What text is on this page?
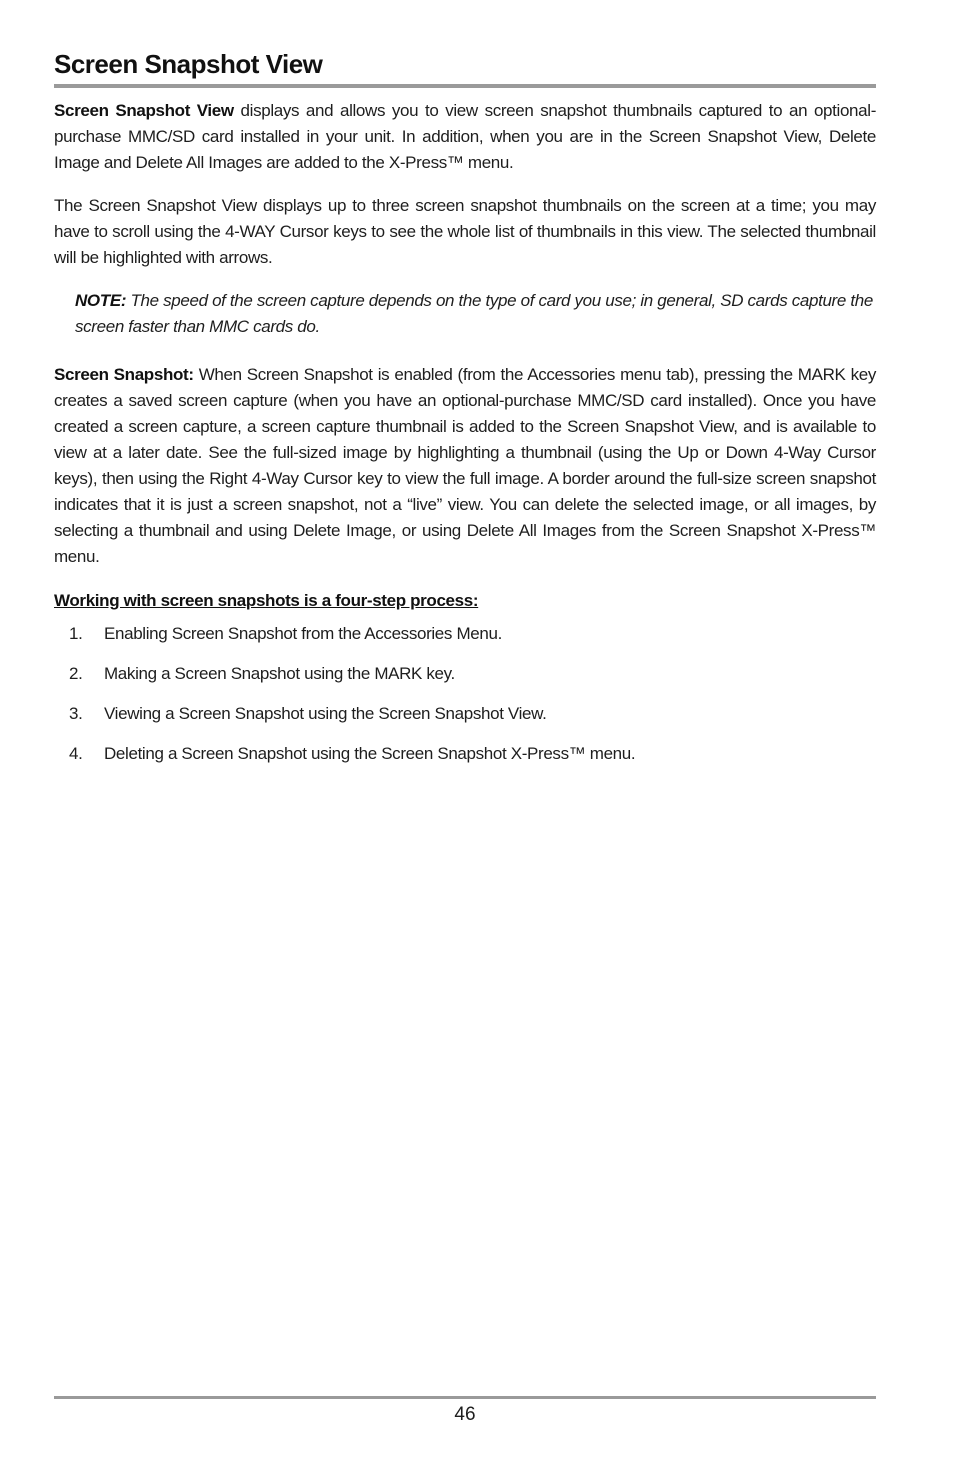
Screen Snapshot View

Screen Snapshot View displays and allows you to view screen snapshot thumbnails captured to an optional-purchase MMC/SD card installed in your unit. In addition, when you are in the Screen Snapshot View, Delete Image and Delete All Images are added to the X-Press™ menu.

The Screen Snapshot View displays up to three screen snapshot thumbnails on the screen at a time; you may have to scroll using the 4-WAY Cursor keys to see the whole list of thumbnails in this view. The selected thumbnail will be highlighted with arrows.

NOTE: The speed of the screen capture depends on the type of card you use; in general, SD cards capture the screen faster than MMC cards do.

Screen Snapshot: When Screen Snapshot is enabled (from the Accessories menu tab), pressing the MARK key creates a saved screen capture (when you have an optional-purchase MMC/SD card installed). Once you have created a screen capture, a screen capture thumbnail is added to the Screen Snapshot View, and is available to view at a later date. See the full-sized image by highlighting a thumbnail (using the Up or Down 4-Way Cursor keys), then using the Right 4-Way Cursor key to view the full image. A border around the full-size screen snapshot indicates that it is just a screen snapshot, not a “live” view. You can delete the selected image, or all images, by selecting a thumbnail and using Delete Image, or using Delete All Images from the Screen Snapshot X-Press™ menu.

Working with screen snapshots is a four-step process:

1.	Enabling Screen Snapshot from the Accessories Menu.
2.	Making a Screen Snapshot using the MARK key.
3.	Viewing a Screen Snapshot using the Screen Snapshot View.
4.	Deleting a Screen Snapshot using the Screen Snapshot X-Press™ menu.
46
